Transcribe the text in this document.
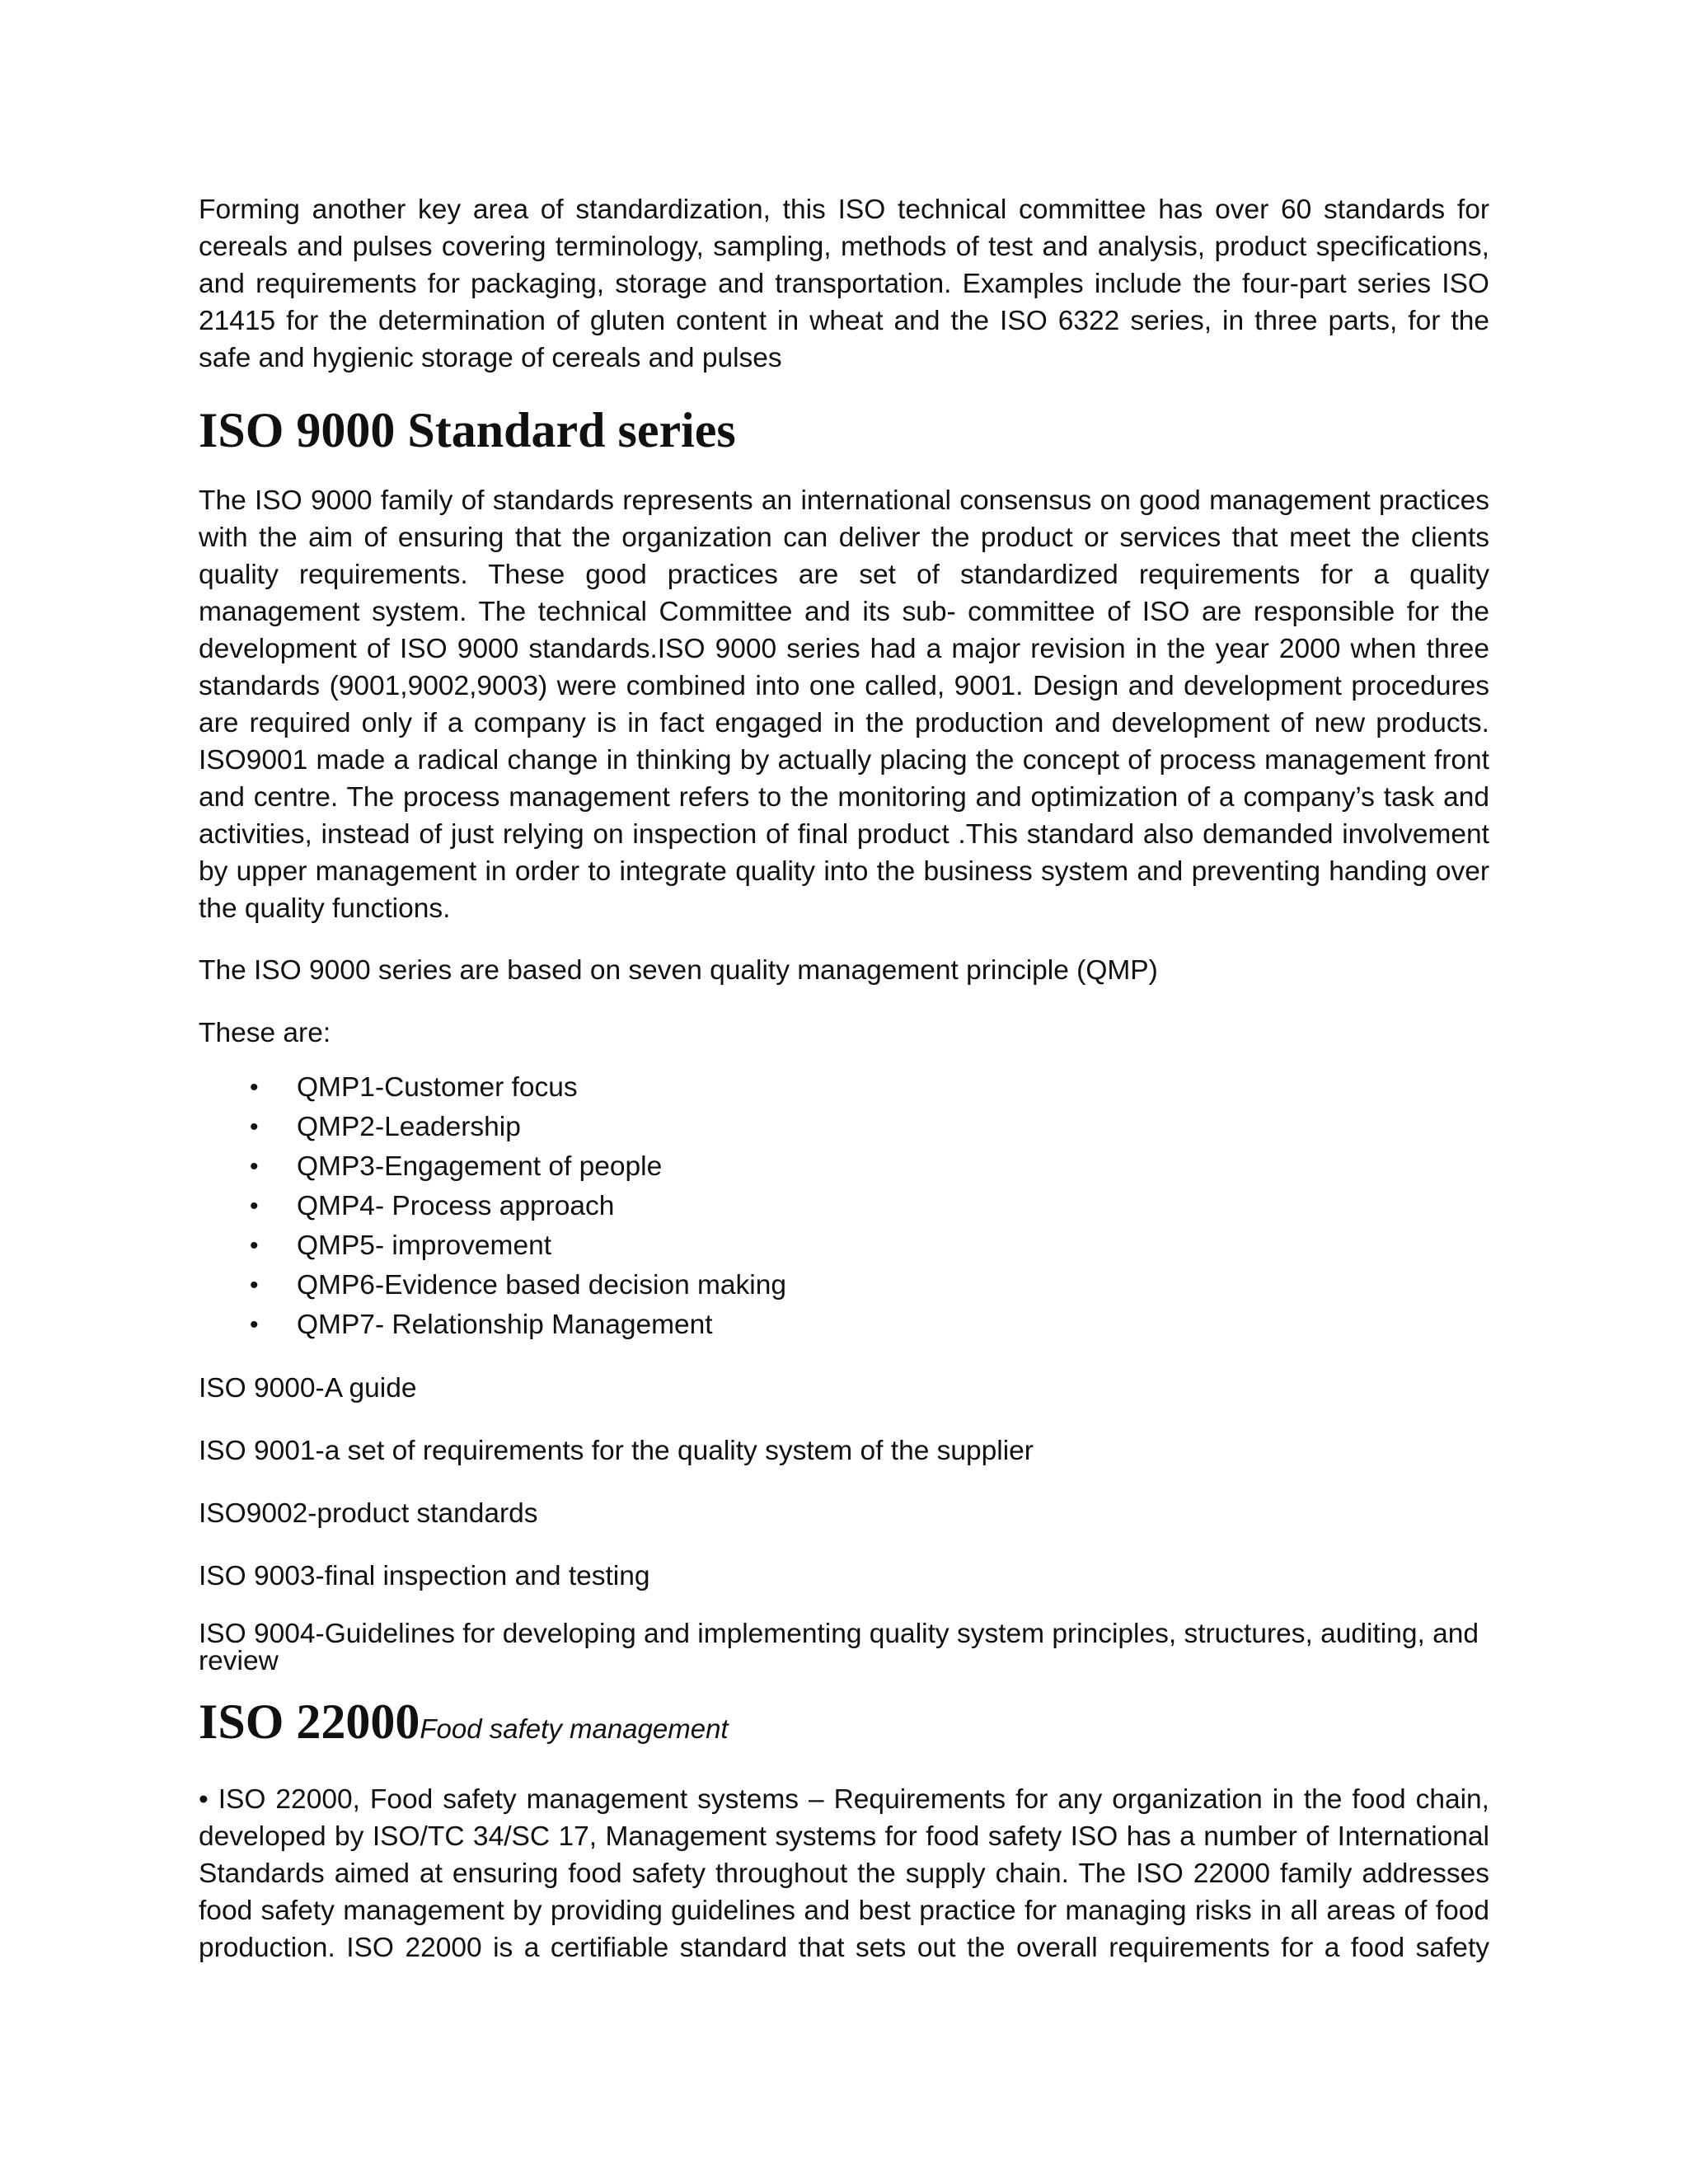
Forming another key area of standardization, this ISO technical committee has over 60 standards for cereals and pulses covering terminology, sampling, methods of test and analysis, product specifications, and requirements for packaging, storage and transportation. Examples include the four-part series ISO 21415 for the determination of gluten content in wheat and the ISO 6322 series, in three parts, for the safe and hygienic storage of cereals and pulses

ISO 9000 Standard series

The ISO 9000 family of standards represents an international consensus on good management practices with the aim of ensuring that the organization can deliver the product or services that meet the clients quality requirements. These good practices are set of standardized requirements for a quality management system. The technical Committee and its sub- committee of ISO are responsible for the development of ISO 9000 standards.ISO 9000 series had a major revision in the year 2000 when three standards (9001,9002,9003) were combined into one called, 9001. Design and development procedures are required only if a company is in fact engaged in the production and development of new products. ISO9001 made a radical change in thinking by actually placing the concept of process management front and centre. The process management refers to the monitoring and optimization of a company’s task and activities, instead of just relying on inspection of final product .This standard also demanded involvement by upper management in order to integrate quality into the business system and preventing handing over the quality functions.

The ISO 9000 series are based on seven quality management principle (QMP)

These are:

• QMP1-Customer focus
• QMP2-Leadership
• QMP3-Engagement of people
• QMP4- Process approach
• QMP5- improvement
• QMP6-Evidence based decision making
• QMP7- Relationship Management

ISO 9000-A guide

ISO 9001-a set of requirements for the quality system of the supplier

ISO9002-product standards

ISO 9003-final inspection and testing

ISO 9004-Guidelines for developing and implementing quality system principles, structures, auditing, and review

ISO 22000Food safety management

• ISO 22000, Food safety management systems – Requirements for any organization in the food chain, developed by ISO/TC 34/SC 17, Management systems for food safety ISO has a number of International Standards aimed at ensuring food safety throughout the supply chain. The ISO 22000 family addresses food safety management by providing guidelines and best practice for managing risks in all areas of food production. ISO 22000 is a certifiable standard that sets out the overall requirements for a food safety
